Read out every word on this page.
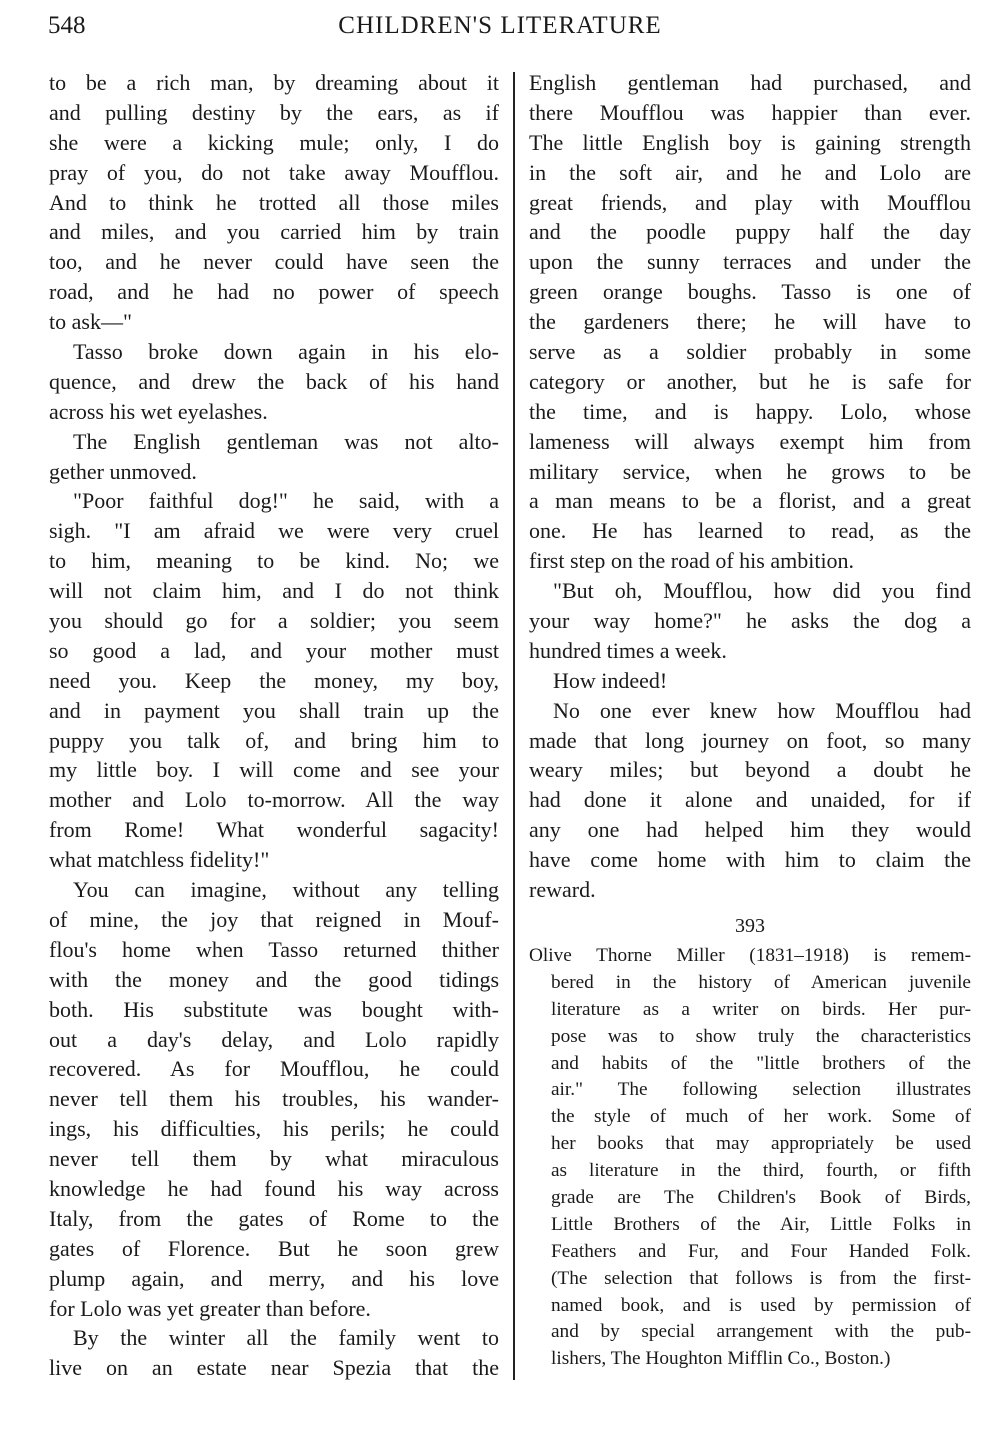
548	CHILDREN'S LITERATURE
to be a rich man, by dreaming about it
and pulling destiny by the ears, as if
she were a kicking mule; only, I do
pray of you, do not take away Moufflou.
And to think he trotted all those miles
and miles, and you carried him by train
too, and he never could have seen the
road, and he had no power of speech
to ask—"
Tasso broke down again in his elo-
quence, and drew the back of his hand
across his wet eyelashes.
The English gentleman was not alto-
gether unmoved.
"Poor faithful dog!" he said, with a
sigh. "I am afraid we were very cruel
to him, meaning to be kind. No; we
will not claim him, and I do not think
you should go for a soldier; you seem
so good a lad, and your mother must
need you. Keep the money, my boy,
and in payment you shall train up the
puppy you talk of, and bring him to
my little boy. I will come and see your
mother and Lolo to-morrow. All the way
from Rome! What wonderful sagacity!
what matchless fidelity!"
You can imagine, without any telling
of mine, the joy that reigned in Mouf-
flou's home when Tasso returned thither
with the money and the good tidings
both. His substitute was bought with-
out a day's delay, and Lolo rapidly
recovered. As for Moufflou, he could
never tell them his troubles, his wander-
ings, his difficulties, his perils; he could
never tell them by what miraculous
knowledge he had found his way across
Italy, from the gates of Rome to the
gates of Florence. But he soon grew
plump again, and merry, and his love
for Lolo was yet greater than before.
By the winter all the family went to
live on an estate near Spezia that the
English gentleman had purchased, and
there Moufflou was happier than ever.
The little English boy is gaining strength
in the soft air, and he and Lolo are
great friends, and play with Moufflou
and the poodle puppy half the day
upon the sunny terraces and under the
green orange boughs. Tasso is one of
the gardeners there; he will have to
serve as a soldier probably in some
category or another, but he is safe for
the time, and is happy. Lolo, whose
lameness will always exempt him from
military service, when he grows to be
a man means to be a florist, and a great
one. He has learned to read, as the
first step on the road of his ambition.
"But oh, Moufflou, how did you find
your way home?" he asks the dog a
hundred times a week.
How indeed!
No one ever knew how Moufflou had
made that long journey on foot, so many
weary miles; but beyond a doubt he
had done it alone and unaided, for if
any one had helped him they would
have come home with him to claim the
reward.
393
Olive Thorne Miller (1831–1918) is remem-
bered in the history of American juvenile
literature as a writer on birds. Her pur-
pose was to show truly the characteristics
and habits of the "little brothers of the
air." The following selection illustrates
the style of much of her work. Some of
her books that may appropriately be used
as literature in the third, fourth, or fifth
grade are The Children's Book of Birds,
Little Brothers of the Air, Little Folks in
Feathers and Fur, and Four Handed Folk.
(The selection that follows is from the first-
named book, and is used by permission of
and by special arrangement with the pub-
lishers, The Houghton Mifflin Co., Boston.)
